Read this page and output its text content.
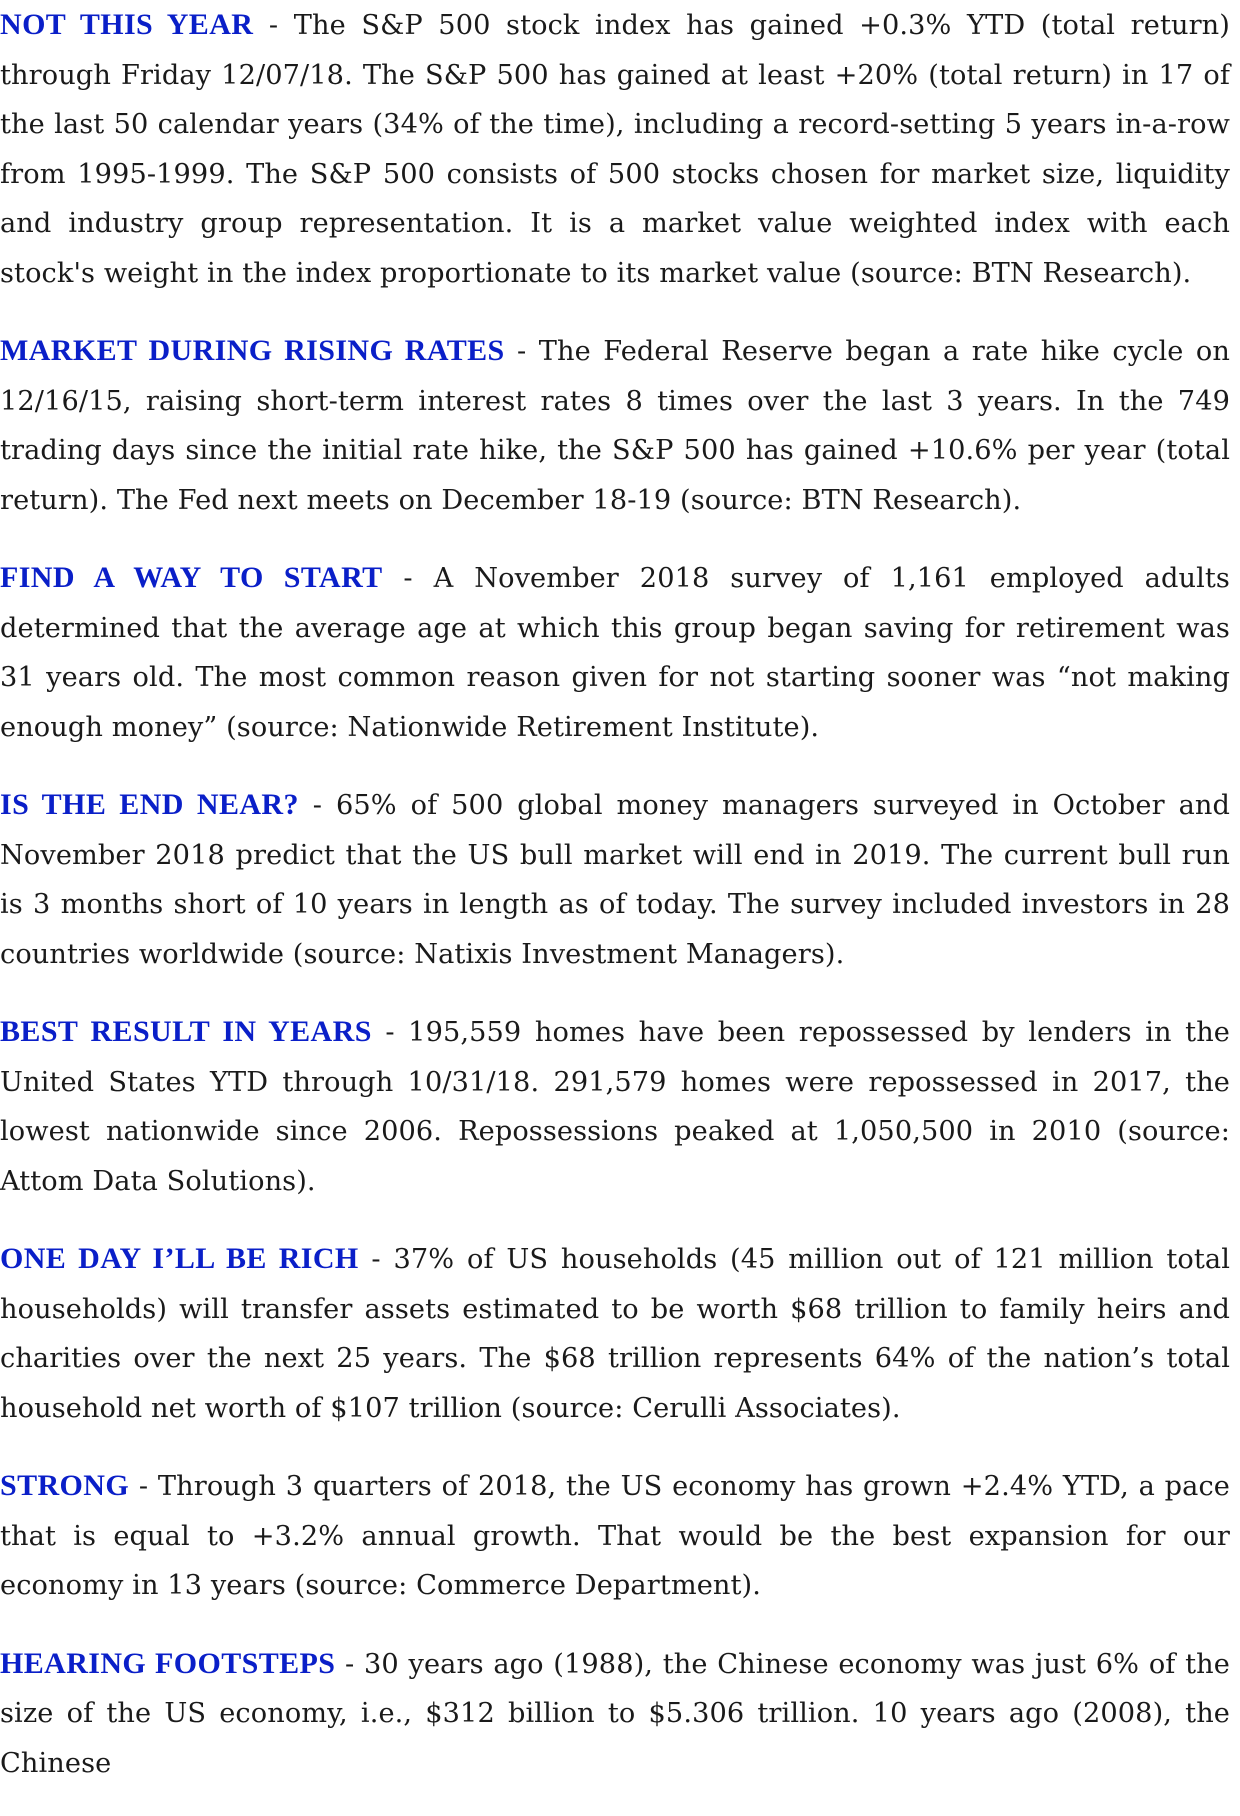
NOT THIS YEAR - The S&P 500 stock index has gained +0.3% YTD (total return) through Friday 12/07/18. The S&P 500 has gained at least +20% (total return) in 17 of the last 50 calendar years (34% of the time), including a record-setting 5 years in-a-row from 1995-1999. The S&P 500 consists of 500 stocks chosen for market size, liquidity and industry group representation. It is a market value weighted index with each stock's weight in the index proportionate to its market value (source: BTN Research).

MARKET DURING RISING RATES - The Federal Reserve began a rate hike cycle on 12/16/15, raising short-term interest rates 8 times over the last 3 years. In the 749 trading days since the initial rate hike, the S&P 500 has gained +10.6% per year (total return). The Fed next meets on December 18-19 (source: BTN Research).

FIND A WAY TO START - A November 2018 survey of 1,161 employed adults determined that the average age at which this group began saving for retirement was 31 years old. The most common reason given for not starting sooner was “not making enough money” (source: Nationwide Retirement Institute).

IS THE END NEAR? - 65% of 500 global money managers surveyed in October and November 2018 predict that the US bull market will end in 2019. The current bull run is 3 months short of 10 years in length as of today. The survey included investors in 28 countries worldwide (source: Natixis Investment Managers).

BEST RESULT IN YEARS - 195,559 homes have been repossessed by lenders in the United States YTD through 10/31/18. 291,579 homes were repossessed in 2017, the lowest nationwide since 2006. Repossessions peaked at 1,050,500 in 2010 (source: Attom Data Solutions).

ONE DAY I’LL BE RICH - 37% of US households (45 million out of 121 million total households) will transfer assets estimated to be worth $68 trillion to family heirs and charities over the next 25 years. The $68 trillion represents 64% of the nation’s total household net worth of $107 trillion (source: Cerulli Associates).

STRONG - Through 3 quarters of 2018, the US economy has grown +2.4% YTD, a pace that is equal to +3.2% annual growth. That would be the best expansion for our economy in 13 years (source: Commerce Department).

HEARING FOOTSTEPS - 30 years ago (1988), the Chinese economy was just 6% of the size of the US economy, i.e., $312 billion to $5.306 trillion. 10 years ago (2008), the Chinese
